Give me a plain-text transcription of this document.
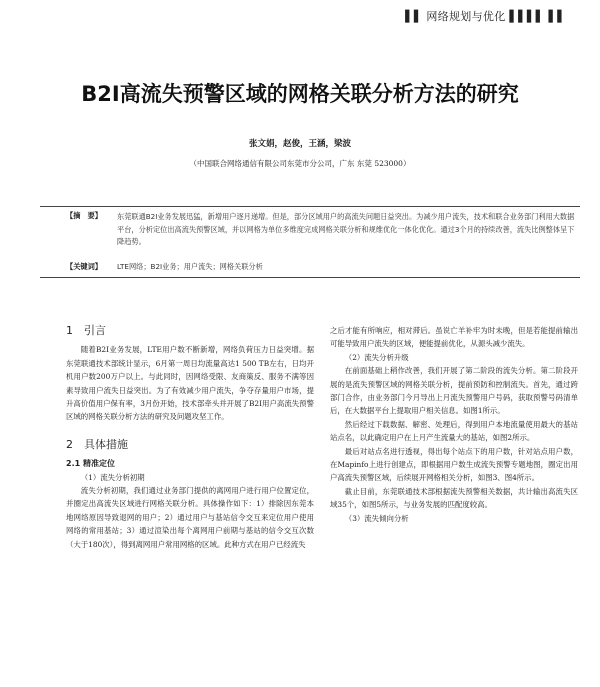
▌▌ 网络规划与优化 ▌▌▌▌ ▌▌
B2I高流失预警区域的网格关联分析方法的研究
张文娟，赵俊，王涵，梁波
（中国联合网络通信有限公司东莞市分公司，广东 东莞 523000）
【摘　要】 东莞联通B2I业务发展迅猛，新增用户逐月递增。但是，部分区域用户的高流失问题日益突出。为减少用户流失，技术和联合业务部门利用大数据平台，分析定位出高流失预警区域，并以网格为单位多维度完成网格关联分析和规维优化一体化优化。通过3个月的持续改善，流失比例整体呈下降趋势。
【关键词】 LTE网络；B2I业务；用户流失；网格关联分析
1　引言

随着B2I业务发展，LTE用户数不断新增，网络负荷压力日益突增。据东莞联通技术部统计显示，6月第一周日均流量高达1 500 TB左右，日均开机用户数200万户以上。与此同时，因网络受限、友商策反、服务不满等因素导致用户流失日益突出。为了有效减少用户流失，争夺存量用户市场，提升高价值用户保有率，3月份开始，技术部牵头并开展了B2I用户高流失预警区域的网格关联分析方法的研究及问题攻坚工作。

2　具体措施
2.1 精准定位
（1）流失分析初期

流失分析初期，我们通过业务部门提供的离网用户进行用户位置定位，并圈定出高流失区域进行网格关联分析。具体操作如下：1）排除因东莞本地网络原因导致退网的用户；2）通过用户与基站信令交互来定位用户使用网络的常用基站；3）通过渲染出每个离网用户前期与基站的信令交互次数（大于180次），得到离网用户常用网格的区域。此种方式在用户已经流失

之后才能有所响应，相对滞后。虽说亡羊补牢为时未晚，但是若能提前输出可能导致用户流失的区域，便能提前优化，从源头减少流失。

（2）流失分析升级

在前面基础上稍作改善，我们开展了第二阶段的流失分析。第二阶段开展的是流失预警区域的网格关联分析，提前预防和控制流失。首先，通过跨部门合作，由业务部门今月导出上月流失预警用户号码，获取预警号码清单后，在大数据平台上提取用户相关信息。如图1所示。

然后经过下载数据、解密、处理后，得到用户本地流量使用最大的基站站点名，以此确定用户在上月产生流量大的基站，如图2所示。

最后对站点名进行透视，得出每个站点下的用户数，针对站点用户数，在Mapinfo上进行创建点，即根据用户数生成流失预警专题地图，圈定出用户高流失预警区域，后续展开网格相关分析，如图3、图4所示。

截止目前，东莞联通技术部根据流失预警相关数据，共计输出高流失区域35个，如图5所示，与业务发展的匹配度较高。

（3）流失倾向分析
